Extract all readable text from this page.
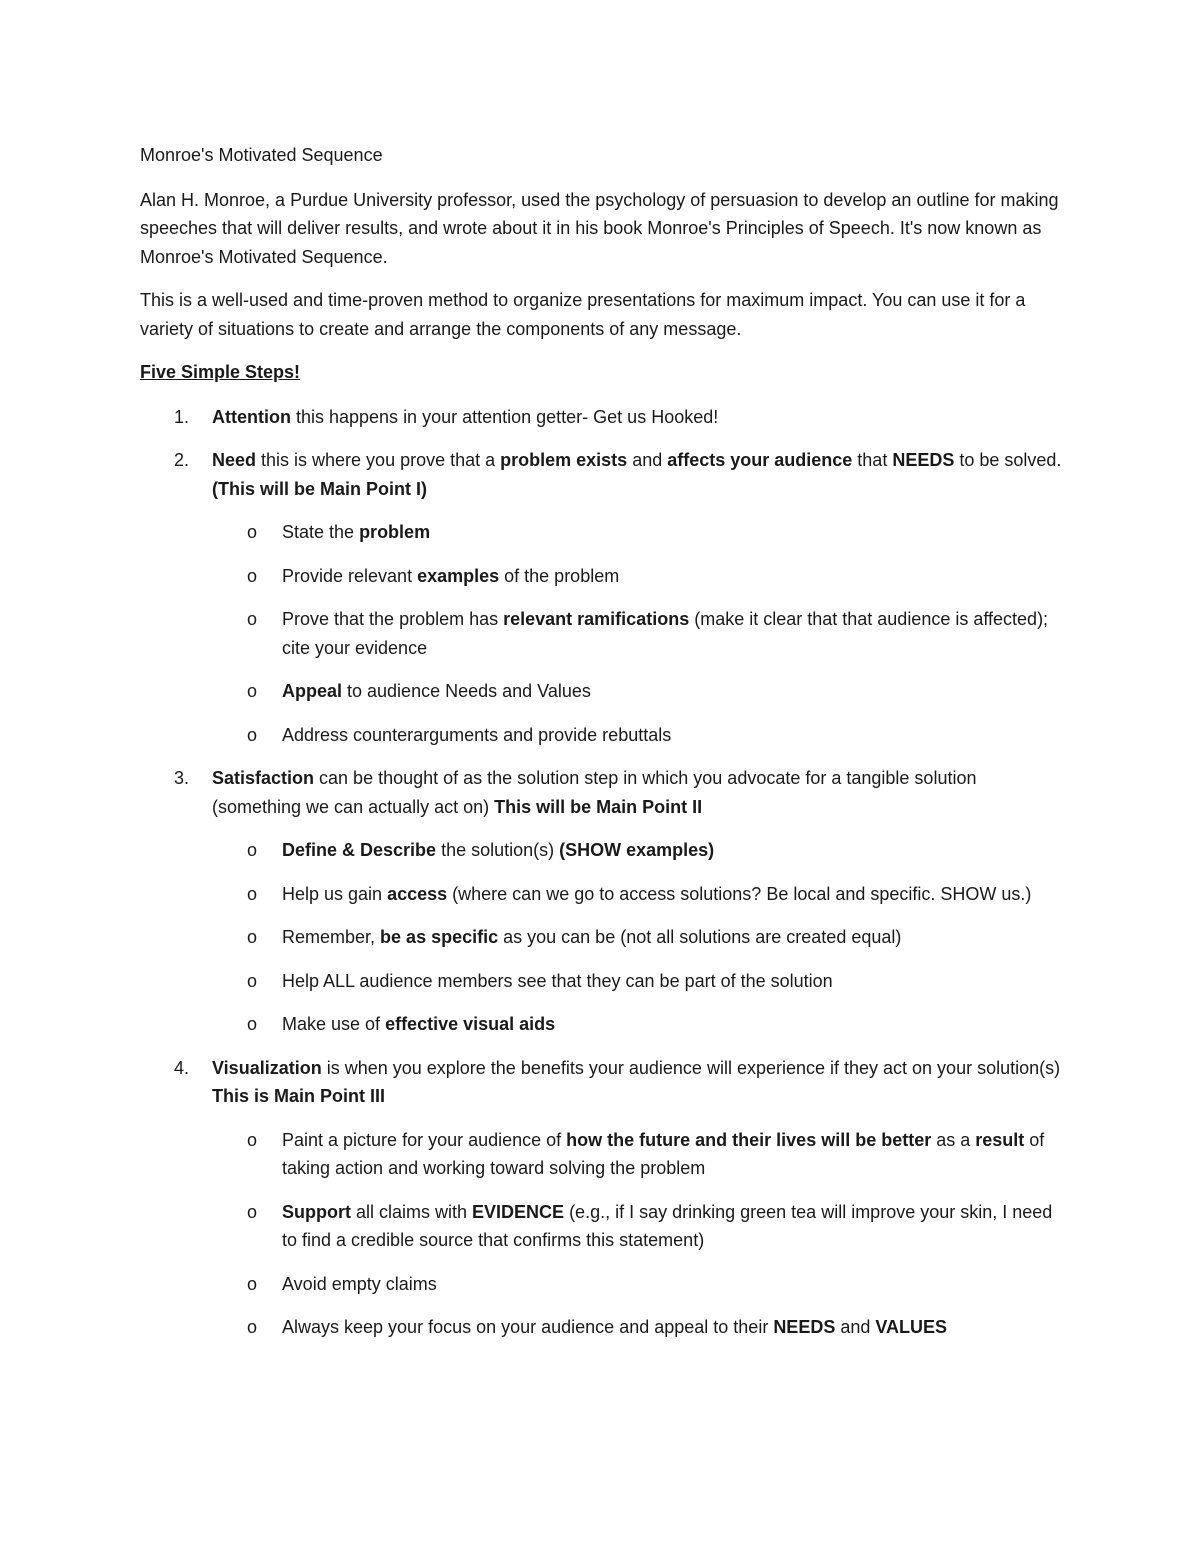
Monroe's Motivated Sequence

Alan H. Monroe, a Purdue University professor, used the psychology of persuasion to develop an outline for making speeches that will deliver results, and wrote about it in his book Monroe's Principles of Speech. It's now known as Monroe's Motivated Sequence.

This is a well-used and time-proven method to organize presentations for maximum impact. You can use it for a variety of situations to create and arrange the components of any message.

Five Simple Steps!

1. Attention this happens in your attention getter- Get us Hooked!

2. Need this is where you prove that a problem exists and affects your audience that NEEDS to be solved. (This will be Main Point I)

o State the problem

o Provide relevant examples of the problem

o Prove that the problem has relevant ramifications (make it clear that that audience is affected); cite your evidence

o Appeal to audience Needs and Values

o Address counterarguments and provide rebuttals

3. Satisfaction can be thought of as the solution step in which you advocate for a tangible solution (something we can actually act on) This will be Main Point II

o Define & Describe the solution(s) (SHOW examples)

o Help us gain access (where can we go to access solutions? Be local and specific. SHOW us.)

o Remember, be as specific as you can be (not all solutions are created equal)

o Help ALL audience members see that they can be part of the solution

o Make use of effective visual aids

4. Visualization is when you explore the benefits your audience will experience if they act on your solution(s) This is Main Point III

o Paint a picture for your audience of how the future and their lives will be better as a result of taking action and working toward solving the problem

o Support all claims with EVIDENCE (e.g., if I say drinking green tea will improve your skin, I need to find a credible source that confirms this statement)

o Avoid empty claims

o Always keep your focus on your audience and appeal to their NEEDS and VALUES
